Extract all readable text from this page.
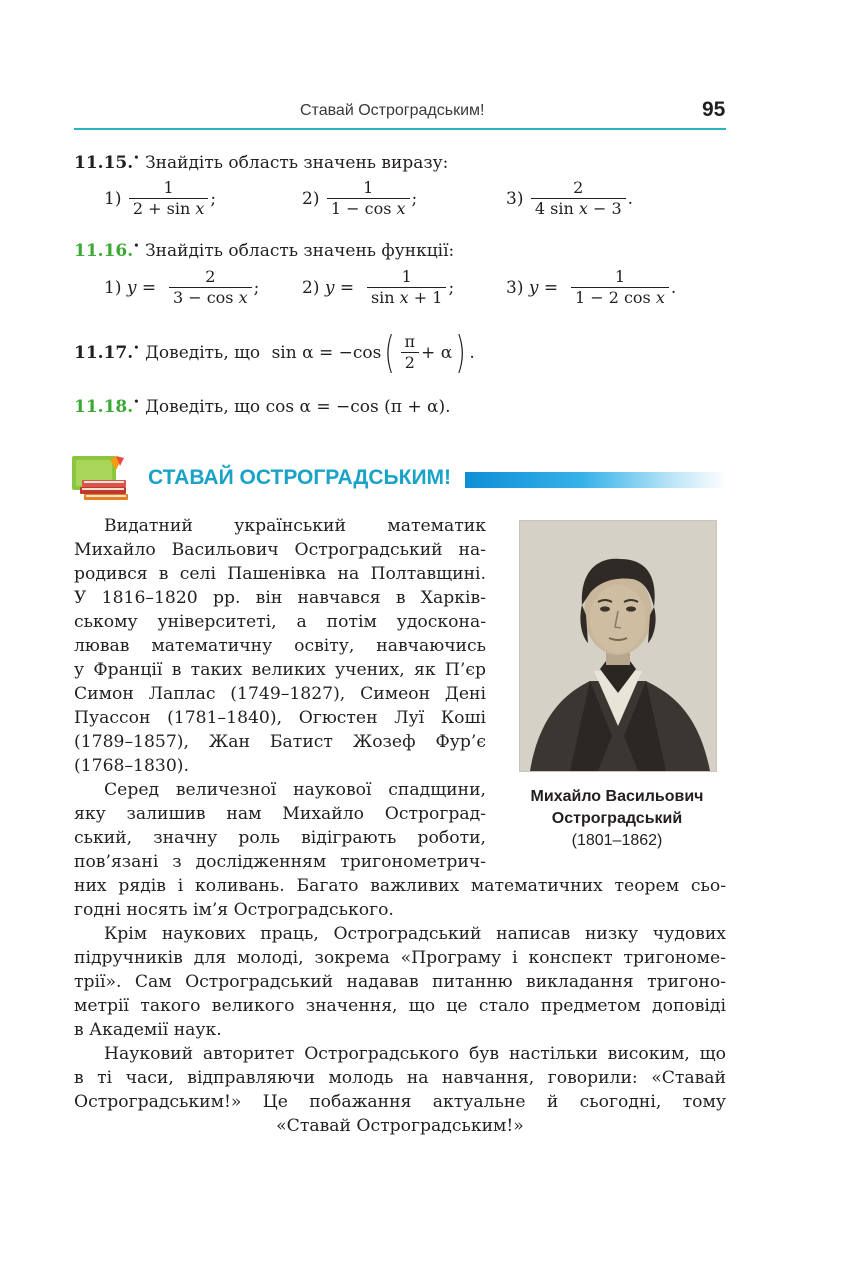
Ставай Остроградським!	95
11.15.• Знайдіть область значень виразу:
$1) \frac{1}{\text{2 + sin x}}$ ;	$2) \frac{1}{\text{1 − cos x}}$ ;	$3) \frac{2}{\text{4 sin x − 3}}$ .
11.16.• Знайдіть область значень функції:
1) $y = \frac{2}{\text{3 − cos x}}$ ;	2) $y = \frac{1}{\text{sin x + 1}}$ ;	3) $y = \frac{1}{\text{1 − 2 cos x}}$ .
11.17.• Доведіть, що $\sin \alpha = -\cos( \frac{\pi}{2} + \alpha)$ .
11.18.• Доведіть, що cos α = −cos (π + α).
СТАВАЙ ОСТРОГРАДСЬКИМ!

Видатний український математик

Михайло Васильович Остроградський на-

родився в селі Пашенівка на Полтавщині.

У 1816–1820 рр. він навчався в Харків-

ському університеті, а потім удоскона-

лював математичну освіту, навчаючись

у Франції в таких великих учених, як П’єр

Симон Лаплас (1749–1827), Симеон Дені

Пуассон (1781–1840), Огюстен Луї Коші

(1789–1857), Жан Батист Жозеф Фур’є

(1768–1830).

Серед величезної наукової спадщини,

яку залишив нам Михайло Остроград-

ський, значну роль відіграють роботи,

пов’язані з дослідженням тригонометрич-

Михайло Васильович
Остроградський
(1801–1862)

них рядів і коливань. Багато важливих математичних теорем сьо-

годні носять ім’я Остроградського.

Крім наукових праць, Остроградський написав низку чудових

підручників для молоді, зокрема «Програму і конспект тригономе-

трії». Сам Остроградський надавав питанню викладання тригоно-

метрії такого великого значення, що це стало предметом доповіді

в Академії наук.

Науковий авторитет Остроградського був настільки високим, що

в ті часи, відправляючи молодь на навчання, говорили: «Ставай

Остроградським!» Це побажання актуальне й сьогодні, тому

«Ставай Остроградським!»
